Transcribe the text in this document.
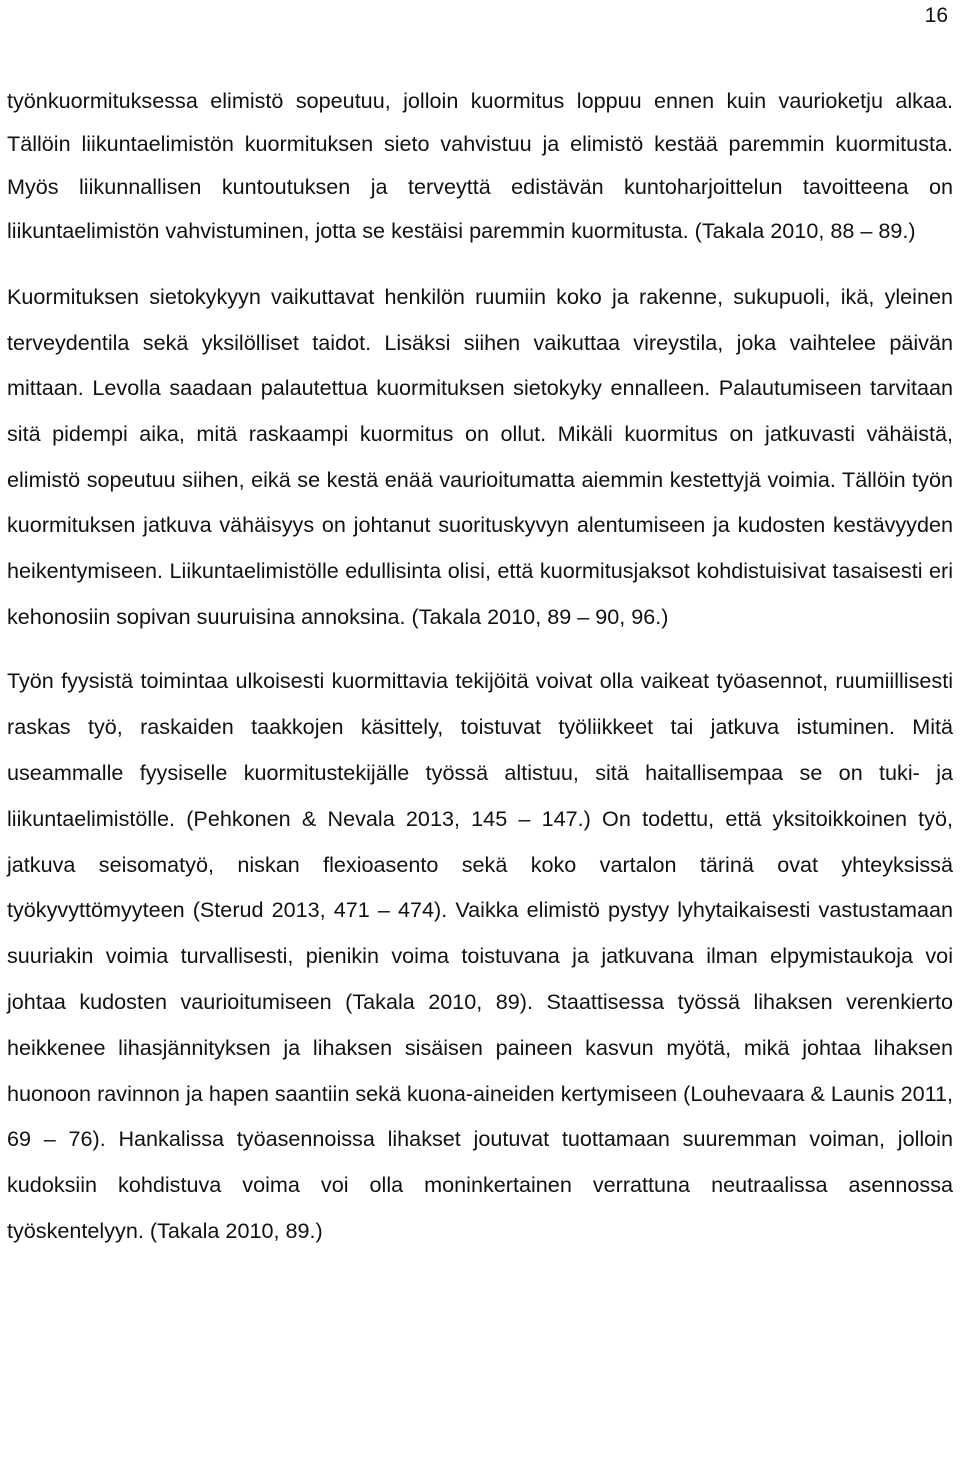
16

työnkuormituksessa elimistö sopeutuu, jolloin kuormitus loppuu ennen kuin vaurioketju alkaa. Tällöin liikuntaelimistön kuormituksen sieto vahvistuu ja elimistö kestää paremmin kuormitusta. Myös liikunnallisen kuntoutuksen ja terveyttä edistävän kuntoharjoittelun tavoitteena on liikuntaelimistön vahvistuminen, jotta se kestäisi paremmin kuormitusta. (Takala 2010, 88 – 89.)

Kuormituksen sietokykyyn vaikuttavat henkilön ruumiin koko ja rakenne, sukupuoli, ikä, yleinen terveydentila sekä yksilölliset taidot. Lisäksi siihen vaikuttaa vireystila, joka vaihtelee päivän mittaan. Levolla saadaan palautettua kuormituksen sietokyky ennalleen. Palautumiseen tarvitaan sitä pidempi aika, mitä raskaampi kuormitus on ollut. Mikäli kuormitus on jatkuvasti vähäistä, elimistö sopeutuu siihen, eikä se kestä enää vaurioitumatta aiemmin kestettyjä voimia. Tällöin työn kuormituksen jatkuva vähäisyys on johtanut suorituskyvyn alentumiseen ja kudosten kestävyyden heikentymiseen. Liikuntaelimistölle edullisinta olisi, että kuormitusjaksot kohdistuisivat tasaisesti eri kehonosiin sopivan suuruisina annoksina. (Takala 2010, 89 – 90, 96.)

Työn fyysistä toimintaa ulkoisesti kuormittavia tekijöitä voivat olla vaikeat työasennot, ruumiillisesti raskas työ, raskaiden taakkojen käsittely, toistuvat työliikkeet tai jatkuva istuminen. Mitä useammalle fyysiselle kuormitustekijälle työssä altistuu, sitä haitallisempaa se on tuki- ja liikuntaelimistölle. (Pehkonen & Nevala 2013, 145 – 147.) On todettu, että yksitoikkoinen työ, jatkuva seisomatyö, niskan flexioasento sekä koko vartalon tärinä ovat yhteyksissä työkyvyttömyyteen (Sterud 2013, 471 – 474). Vaikka elimistö pystyy lyhytaikaisesti vastustamaan suuriakin voimia turvallisesti, pienikin voima toistuvana ja jatkuvana ilman elpymistaukoja voi johtaa kudosten vaurioitumiseen (Takala 2010, 89). Staattisessa työssä lihaksen verenkierto heikkenee lihasjännityksen ja lihaksen sisäisen paineen kasvun myötä, mikä johtaa lihaksen huonoon ravinnon ja hapen saantiin sekä kuona-aineiden kertymiseen (Louhevaara & Launis 2011, 69 – 76). Hankalissa työasennoissa lihakset joutuvat tuottamaan suuremman voiman, jolloin kudoksiin kohdistuva voima voi olla moninkertainen verrattuna neutraalissa asennossa työskentelyyn. (Takala 2010, 89.)
